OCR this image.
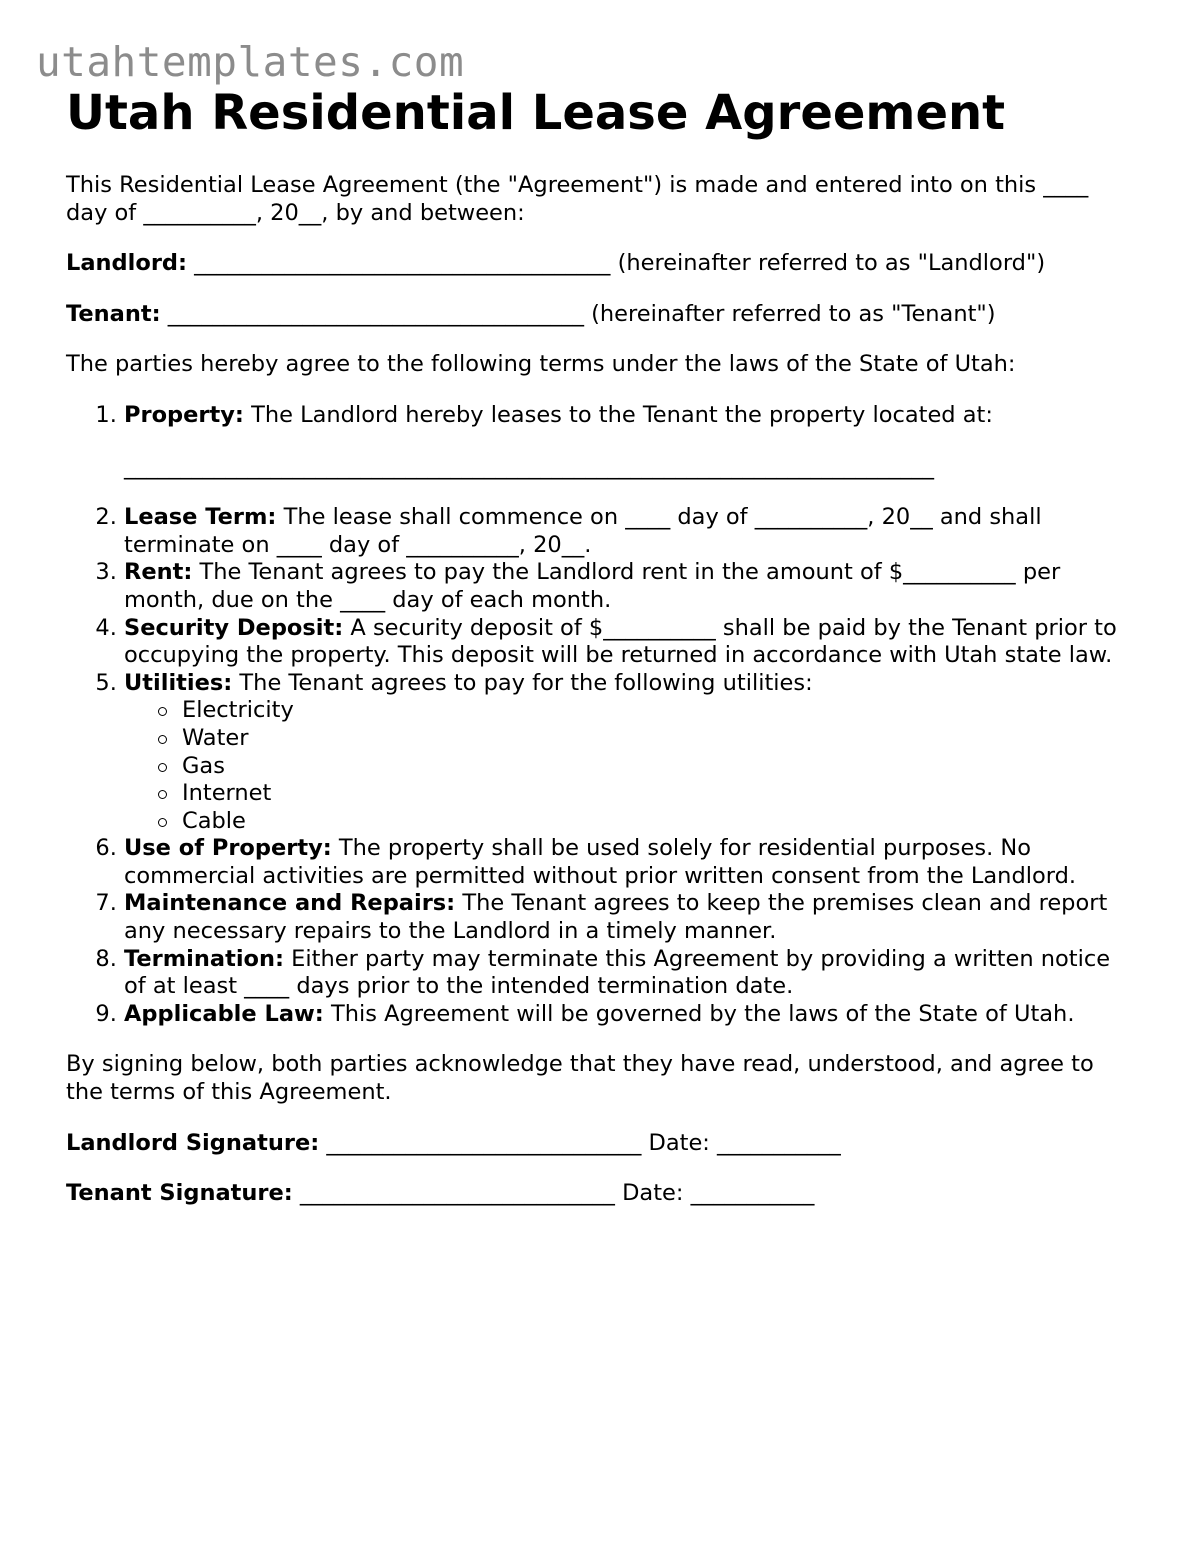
utahtemplates.com
Utah Residential Lease Agreement

This Residential Lease Agreement (the "Agreement") is made and entered into on this ____ day of __________, 20__, by and between:

Landlord: _____________________________________ (hereinafter referred to as "Landlord")

Tenant: _____________________________________ (hereinafter referred to as "Tenant")

The parties hereby agree to the following terms under the laws of the State of Utah:

1. Property: The Landlord hereby leases to the Tenant the property located at:
________________________________________________________________________
2. Lease Term: The lease shall commence on ____ day of __________, 20__ and shall terminate on ____ day of __________, 20__.
3. Rent: The Tenant agrees to pay the Landlord rent in the amount of $__________ per month, due on the ____ day of each month.
4. Security Deposit: A security deposit of $__________ shall be paid by the Tenant prior to occupying the property. This deposit will be returned in accordance with Utah state law.
5. Utilities: The Tenant agrees to pay for the following utilities:
Electricity
Water
Gas
Internet
Cable
6. Use of Property: The property shall be used solely for residential purposes. No commercial activities are permitted without prior written consent from the Landlord.
7. Maintenance and Repairs: The Tenant agrees to keep the premises clean and report any necessary repairs to the Landlord in a timely manner.
8. Termination: Either party may terminate this Agreement by providing a written notice of at least ____ days prior to the intended termination date.
9. Applicable Law: This Agreement will be governed by the laws of the State of Utah.

By signing below, both parties acknowledge that they have read, understood, and agree to the terms of this Agreement.

Landlord Signature: ____________________________ Date: ___________

Tenant Signature: ____________________________ Date: ___________
